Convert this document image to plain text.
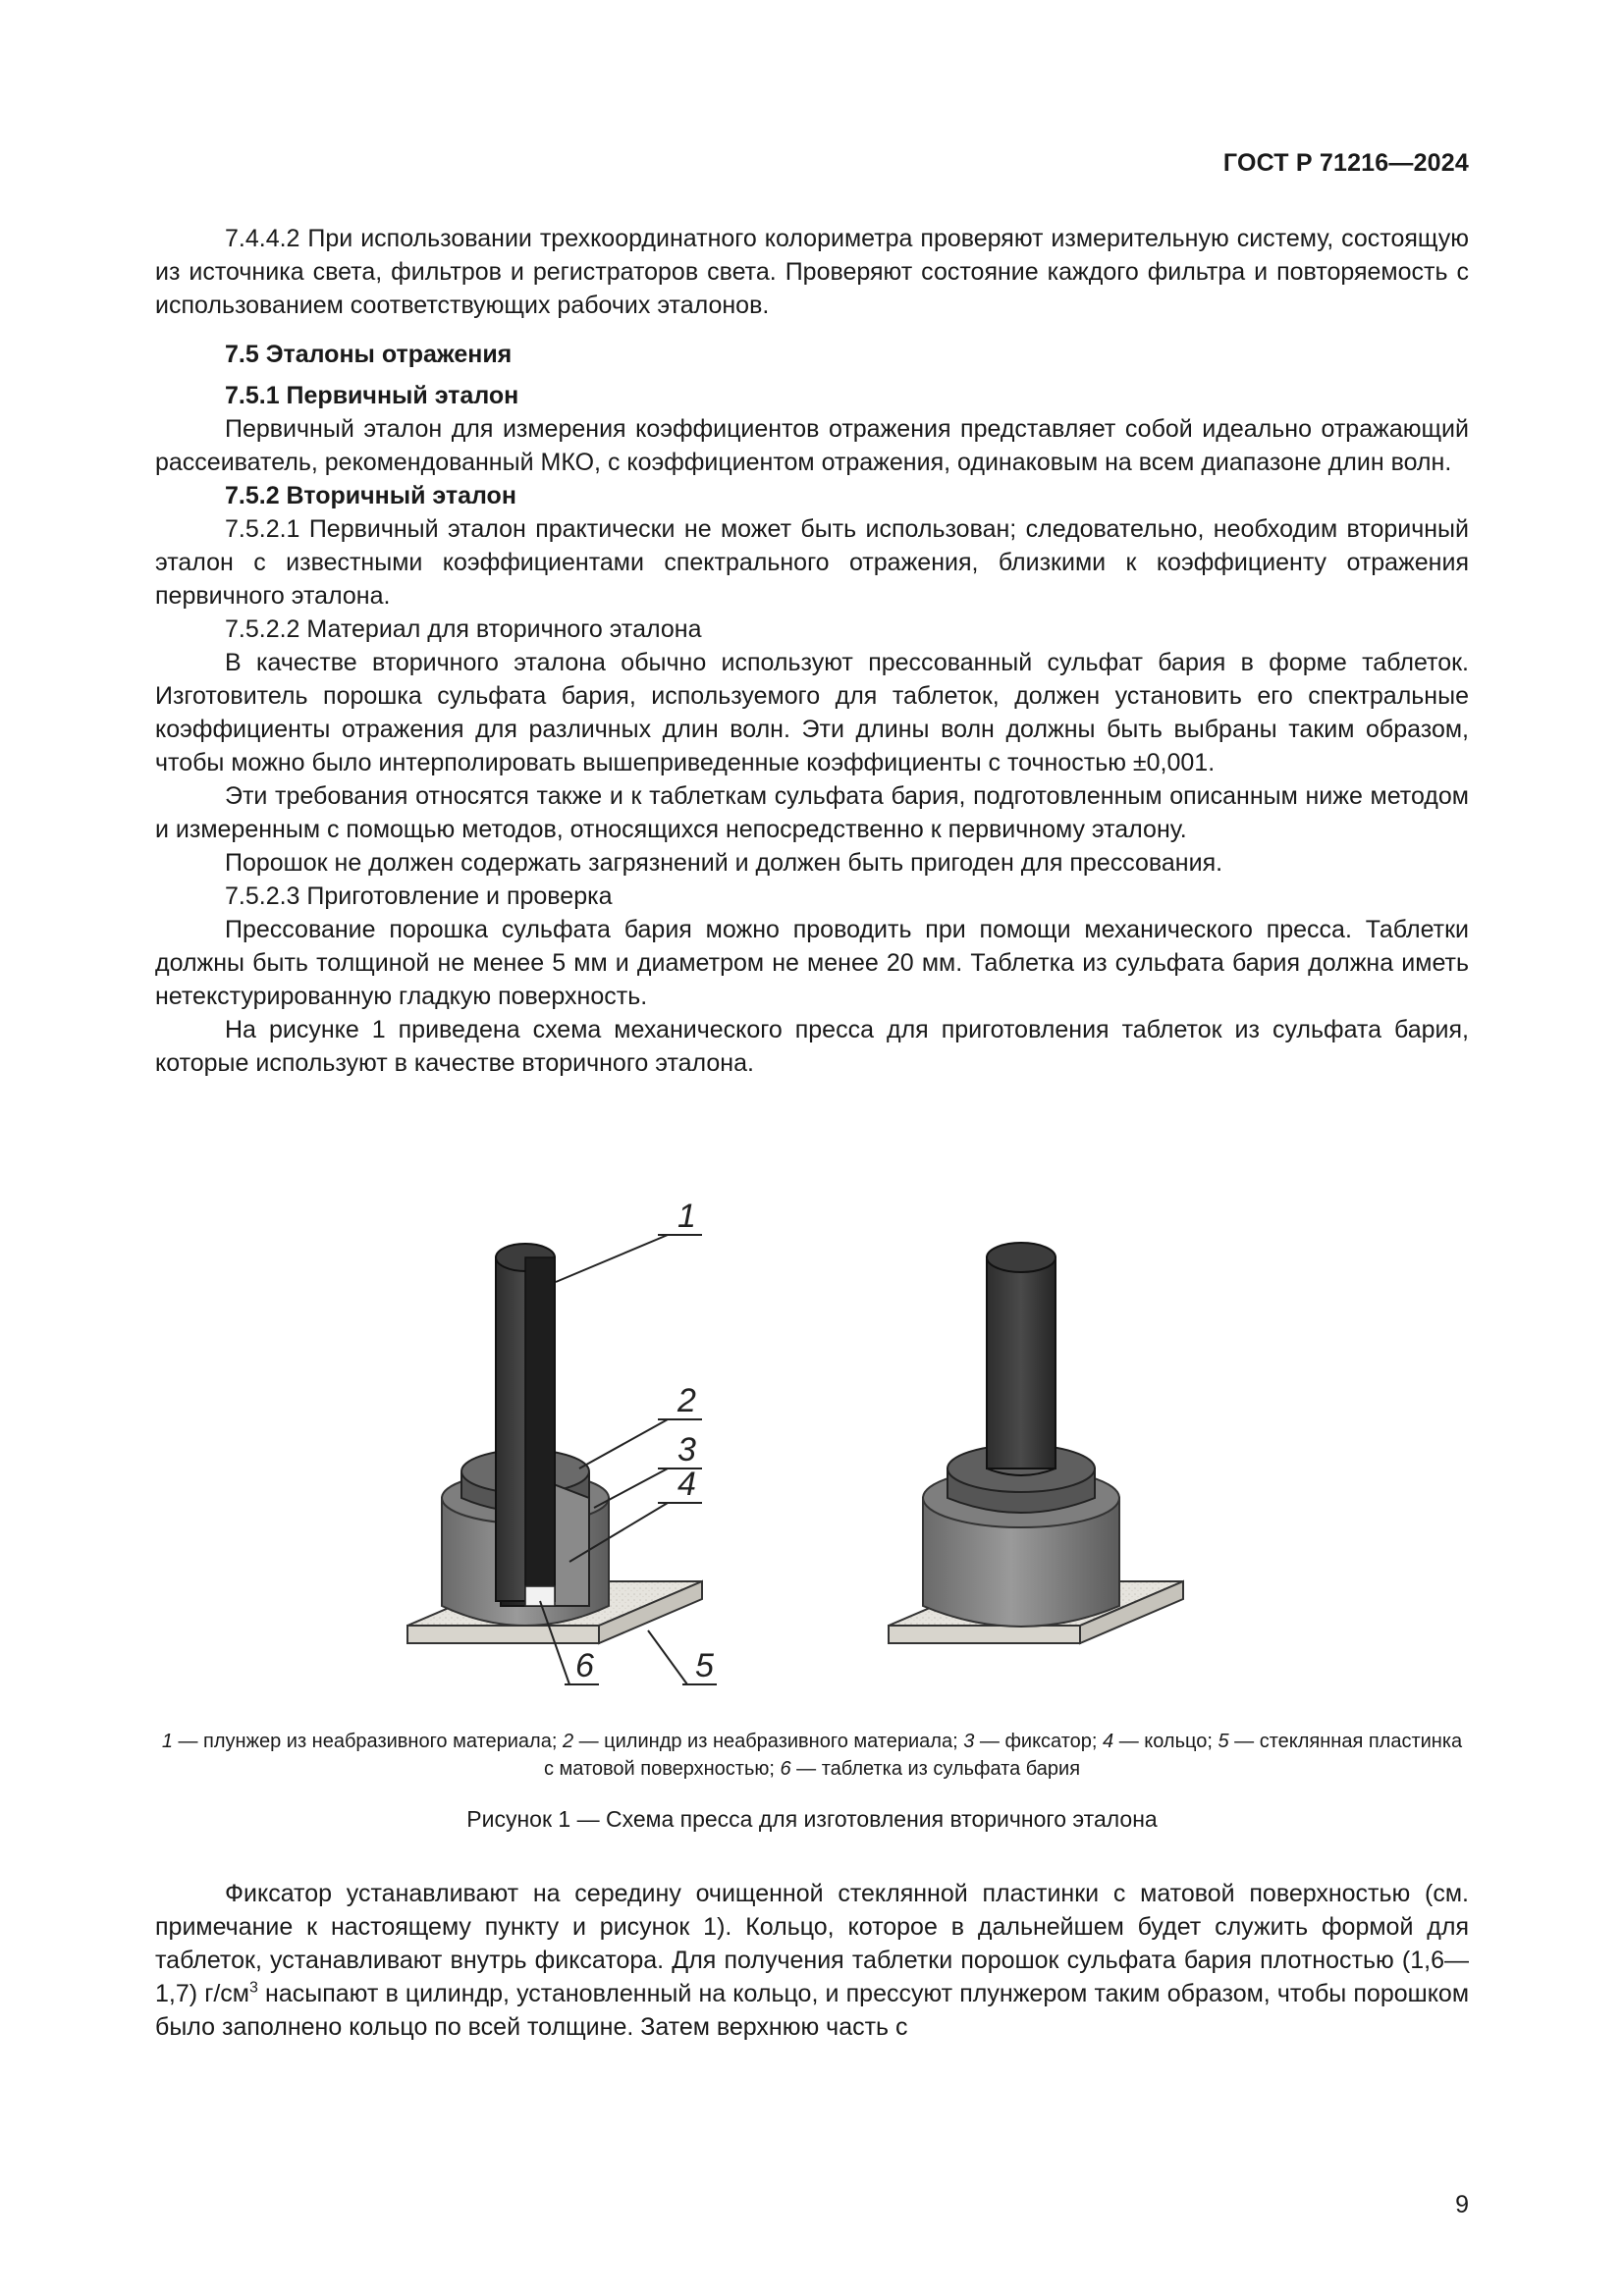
ГОСТ Р 71216—2024

7.4.4.2 При использовании трехкоординатного колориметра проверяют измерительную систему, состоящую из источника света, фильтров и регистраторов света. Проверяют состояние каждого фильтра и повторяемость с использованием соответствующих рабочих эталонов.

7.5 Эталоны отражения

7.5.1 Первичный эталон

Первичный эталон для измерения коэффициентов отражения представляет собой идеально отражающий рассеиватель, рекомендованный МКО, с коэффициентом отражения, одинаковым на всем диапазоне длин волн.

7.5.2 Вторичный эталон

7.5.2.1 Первичный эталон практически не может быть использован; следовательно, необходим вторичный эталон с известными коэффициентами спектрального отражения, близкими к коэффициенту отражения первичного эталона.

7.5.2.2 Материал для вторичного эталона

В качестве вторичного эталона обычно используют прессованный сульфат бария в форме таблеток. Изготовитель порошка сульфата бария, используемого для таблеток, должен установить его спектральные коэффициенты отражения для различных длин волн. Эти длины волн должны быть выбраны таким образом, чтобы можно было интерполировать вышеприведенные коэффициенты с точностью ±0,001.

Эти требования относятся также и к таблеткам сульфата бария, подготовленным описанным ниже методом и измеренным с помощью методов, относящихся непосредственно к первичному эталону.

Порошок не должен содержать загрязнений и должен быть пригоден для прессования.

7.5.2.3 Приготовление и проверка

Прессование порошка сульфата бария можно проводить при помощи механического пресса. Таблетки должны быть толщиной не менее 5 мм и диаметром не менее 20 мм. Таблетка из сульфата бария должна иметь нетекстурированную гладкую поверхность.

На рисунке 1 приведена схема механического пресса для приготовления таблеток из сульфата бария, которые используют в качестве вторичного эталона.

1
2
3
4
5
6
1 — плунжер из неабразивного материала; 2 — цилиндр из неабразивного материала; 3 — фиксатор; 4 — кольцо; 5 — стеклянная пластинка с матовой поверхностью; 6 — таблетка из сульфата бария
Рисунок 1 — Схема пресса для изготовления вторичного эталона

Фиксатор устанавливают на середину очищенной стеклянной пластинки с матовой поверхностью (см. примечание к настоящему пункту и рисунок 1). Кольцо, которое в дальнейшем будет служить формой для таблеток, устанавливают внутрь фиксатора. Для получения таблетки порошок сульфата бария плотностью (1,6—1,7) $г/см^3$ насыпают в цилиндр, установленный на кольцо, и прессуют плунжером таким образом, чтобы порошком было заполнено кольцо по всей толщине. Затем верхнюю часть с

9
